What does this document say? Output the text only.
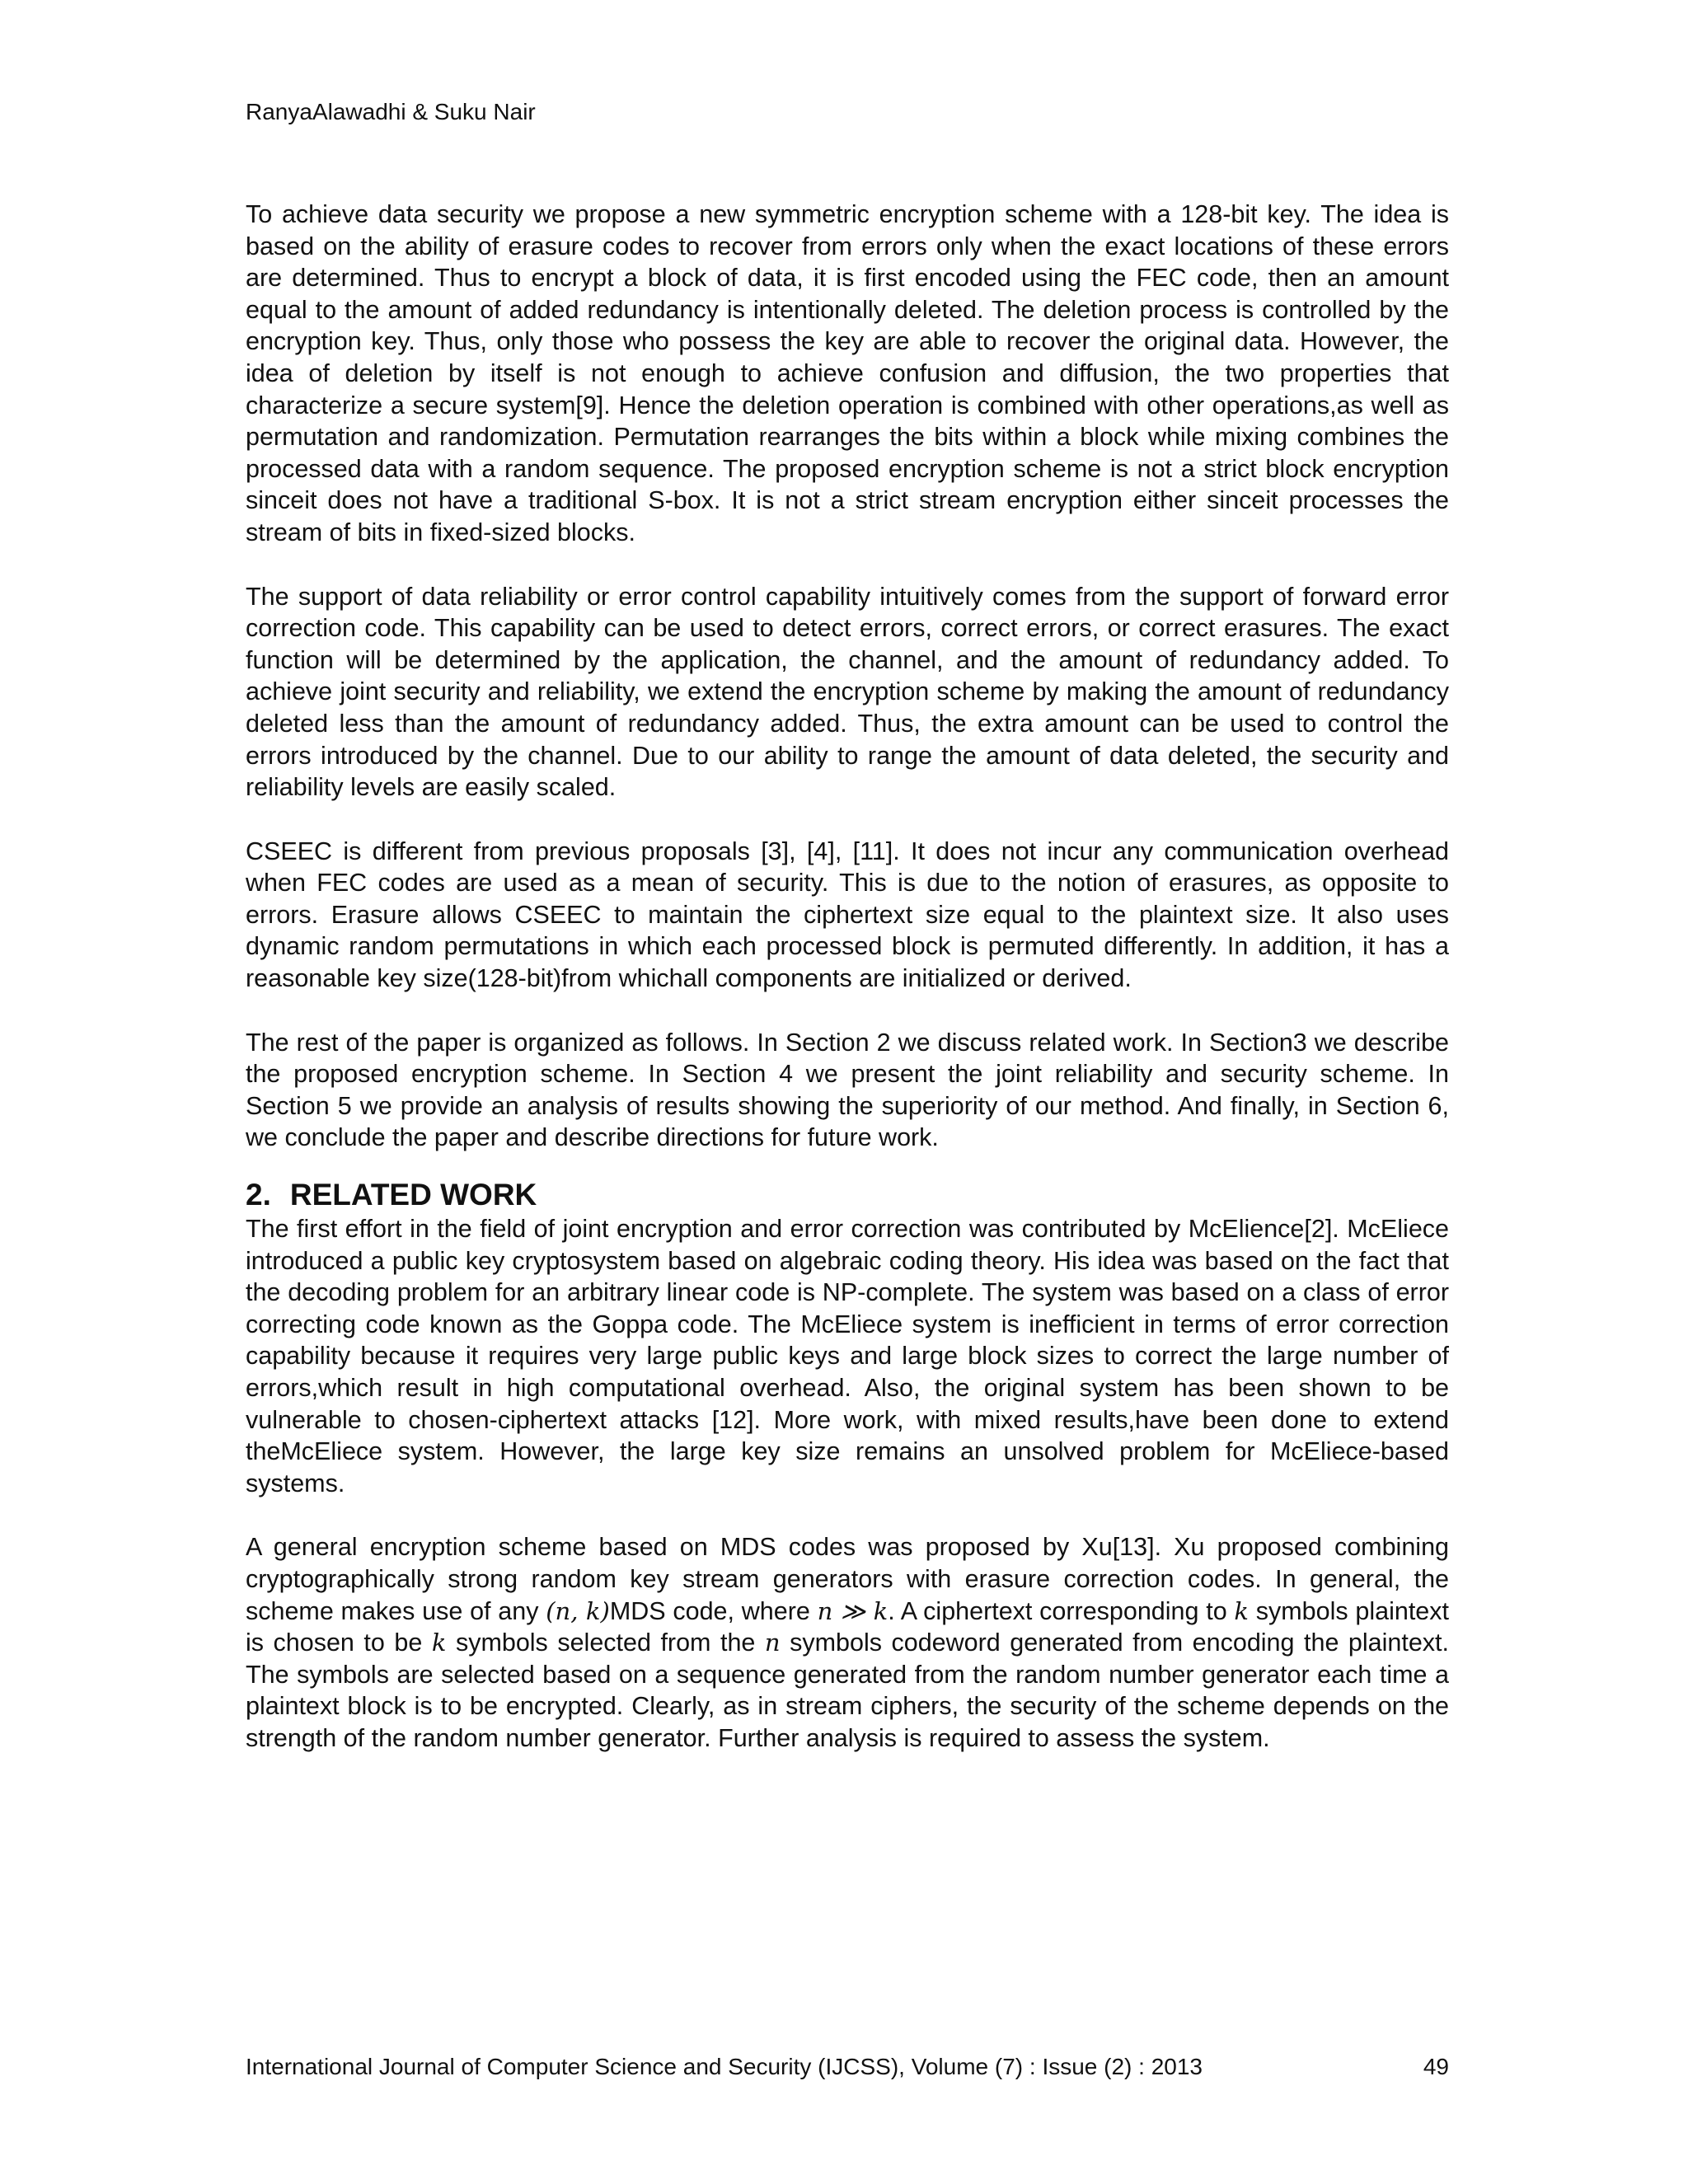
RanyaAlawadhi & Suku Nair

To achieve data security we propose a new symmetric encryption scheme with a 128-bit key. The idea is based on the ability of erasure codes to recover from errors only when the exact locations of these errors are determined. Thus to encrypt a block of data, it is first encoded using the FEC code, then an amount equal to the amount of added redundancy is intentionally deleted. The deletion process is controlled by the encryption key. Thus, only those who possess the key are able to recover the original data. However, the idea of deletion by itself is not enough to achieve confusion and diffusion, the two properties that characterize a secure system[9]. Hence the deletion operation is combined with other operations,as well as permutation and randomization. Permutation rearranges the bits within a block while mixing combines the processed data with a random sequence. The proposed encryption scheme is not a strict block encryption sinceit does not have a traditional S-box. It is not a strict stream encryption either sinceit processes the stream of bits in fixed-sized blocks.

The support of data reliability or error control capability intuitively comes from the support of forward error correction code. This capability can be used to detect errors, correct errors, or correct erasures. The exact function will be determined by the application, the channel, and the amount of redundancy added. To achieve joint security and reliability, we extend the encryption scheme by making the amount of redundancy deleted less than the amount of redundancy added. Thus, the extra amount can be used to control the errors introduced by the channel. Due to our ability to range the amount of data deleted, the security and reliability levels are easily scaled.

CSEEC is different from previous proposals [3], [4], [11]. It does not incur any communication overhead when FEC codes are used as a mean of security. This is due to the notion of erasures, as opposite to errors. Erasure allows CSEEC to maintain the ciphertext size equal to the plaintext size. It also uses dynamic random permutations in which each processed block is permuted differently. In addition, it has a reasonable key size(128-bit)from whichall components are initialized or derived.

The rest of the paper is organized as follows. In Section 2 we discuss related work. In Section3 we describe the proposed encryption scheme. In Section 4 we present the joint reliability and security scheme. In Section 5 we provide an analysis of results showing the superiority of our method. And finally, in Section 6, we conclude the paper and describe directions for future work.

2. RELATED WORK

The first effort in the field of joint encryption and error correction was contributed by McElience[2]. McEliece introduced a public key cryptosystem based on algebraic coding theory. His idea was based on the fact that the decoding problem for an arbitrary linear code is NP-complete. The system was based on a class of error correcting code known as the Goppa code. The McEliece system is inefficient in terms of error correction capability because it requires very large public keys and large block sizes to correct the large number of errors,which result in high computational overhead. Also, the original system has been shown to be vulnerable to chosen-ciphertext attacks [12]. More work, with mixed results,have been done to extend theMcEliece system. However, the large key size remains an unsolved problem for McEliece-based systems.

A general encryption scheme based on MDS codes was proposed by Xu[13]. Xu proposed combining cryptographically strong random key stream generators with erasure correction codes. In general, the scheme makes use of any (n, k)MDS code, where n ≫ k. A ciphertext corresponding to k symbols plaintext is chosen to be k symbols selected from the n symbols codeword generated from encoding the plaintext. The symbols are selected based on a sequence generated from the random number generator each time a plaintext block is to be encrypted. Clearly, as in stream ciphers, the security of the scheme depends on the strength of the random number generator. Further analysis is required to assess the system.

International Journal of Computer Science and Security (IJCSS), Volume (7) : Issue (2) : 2013	49
